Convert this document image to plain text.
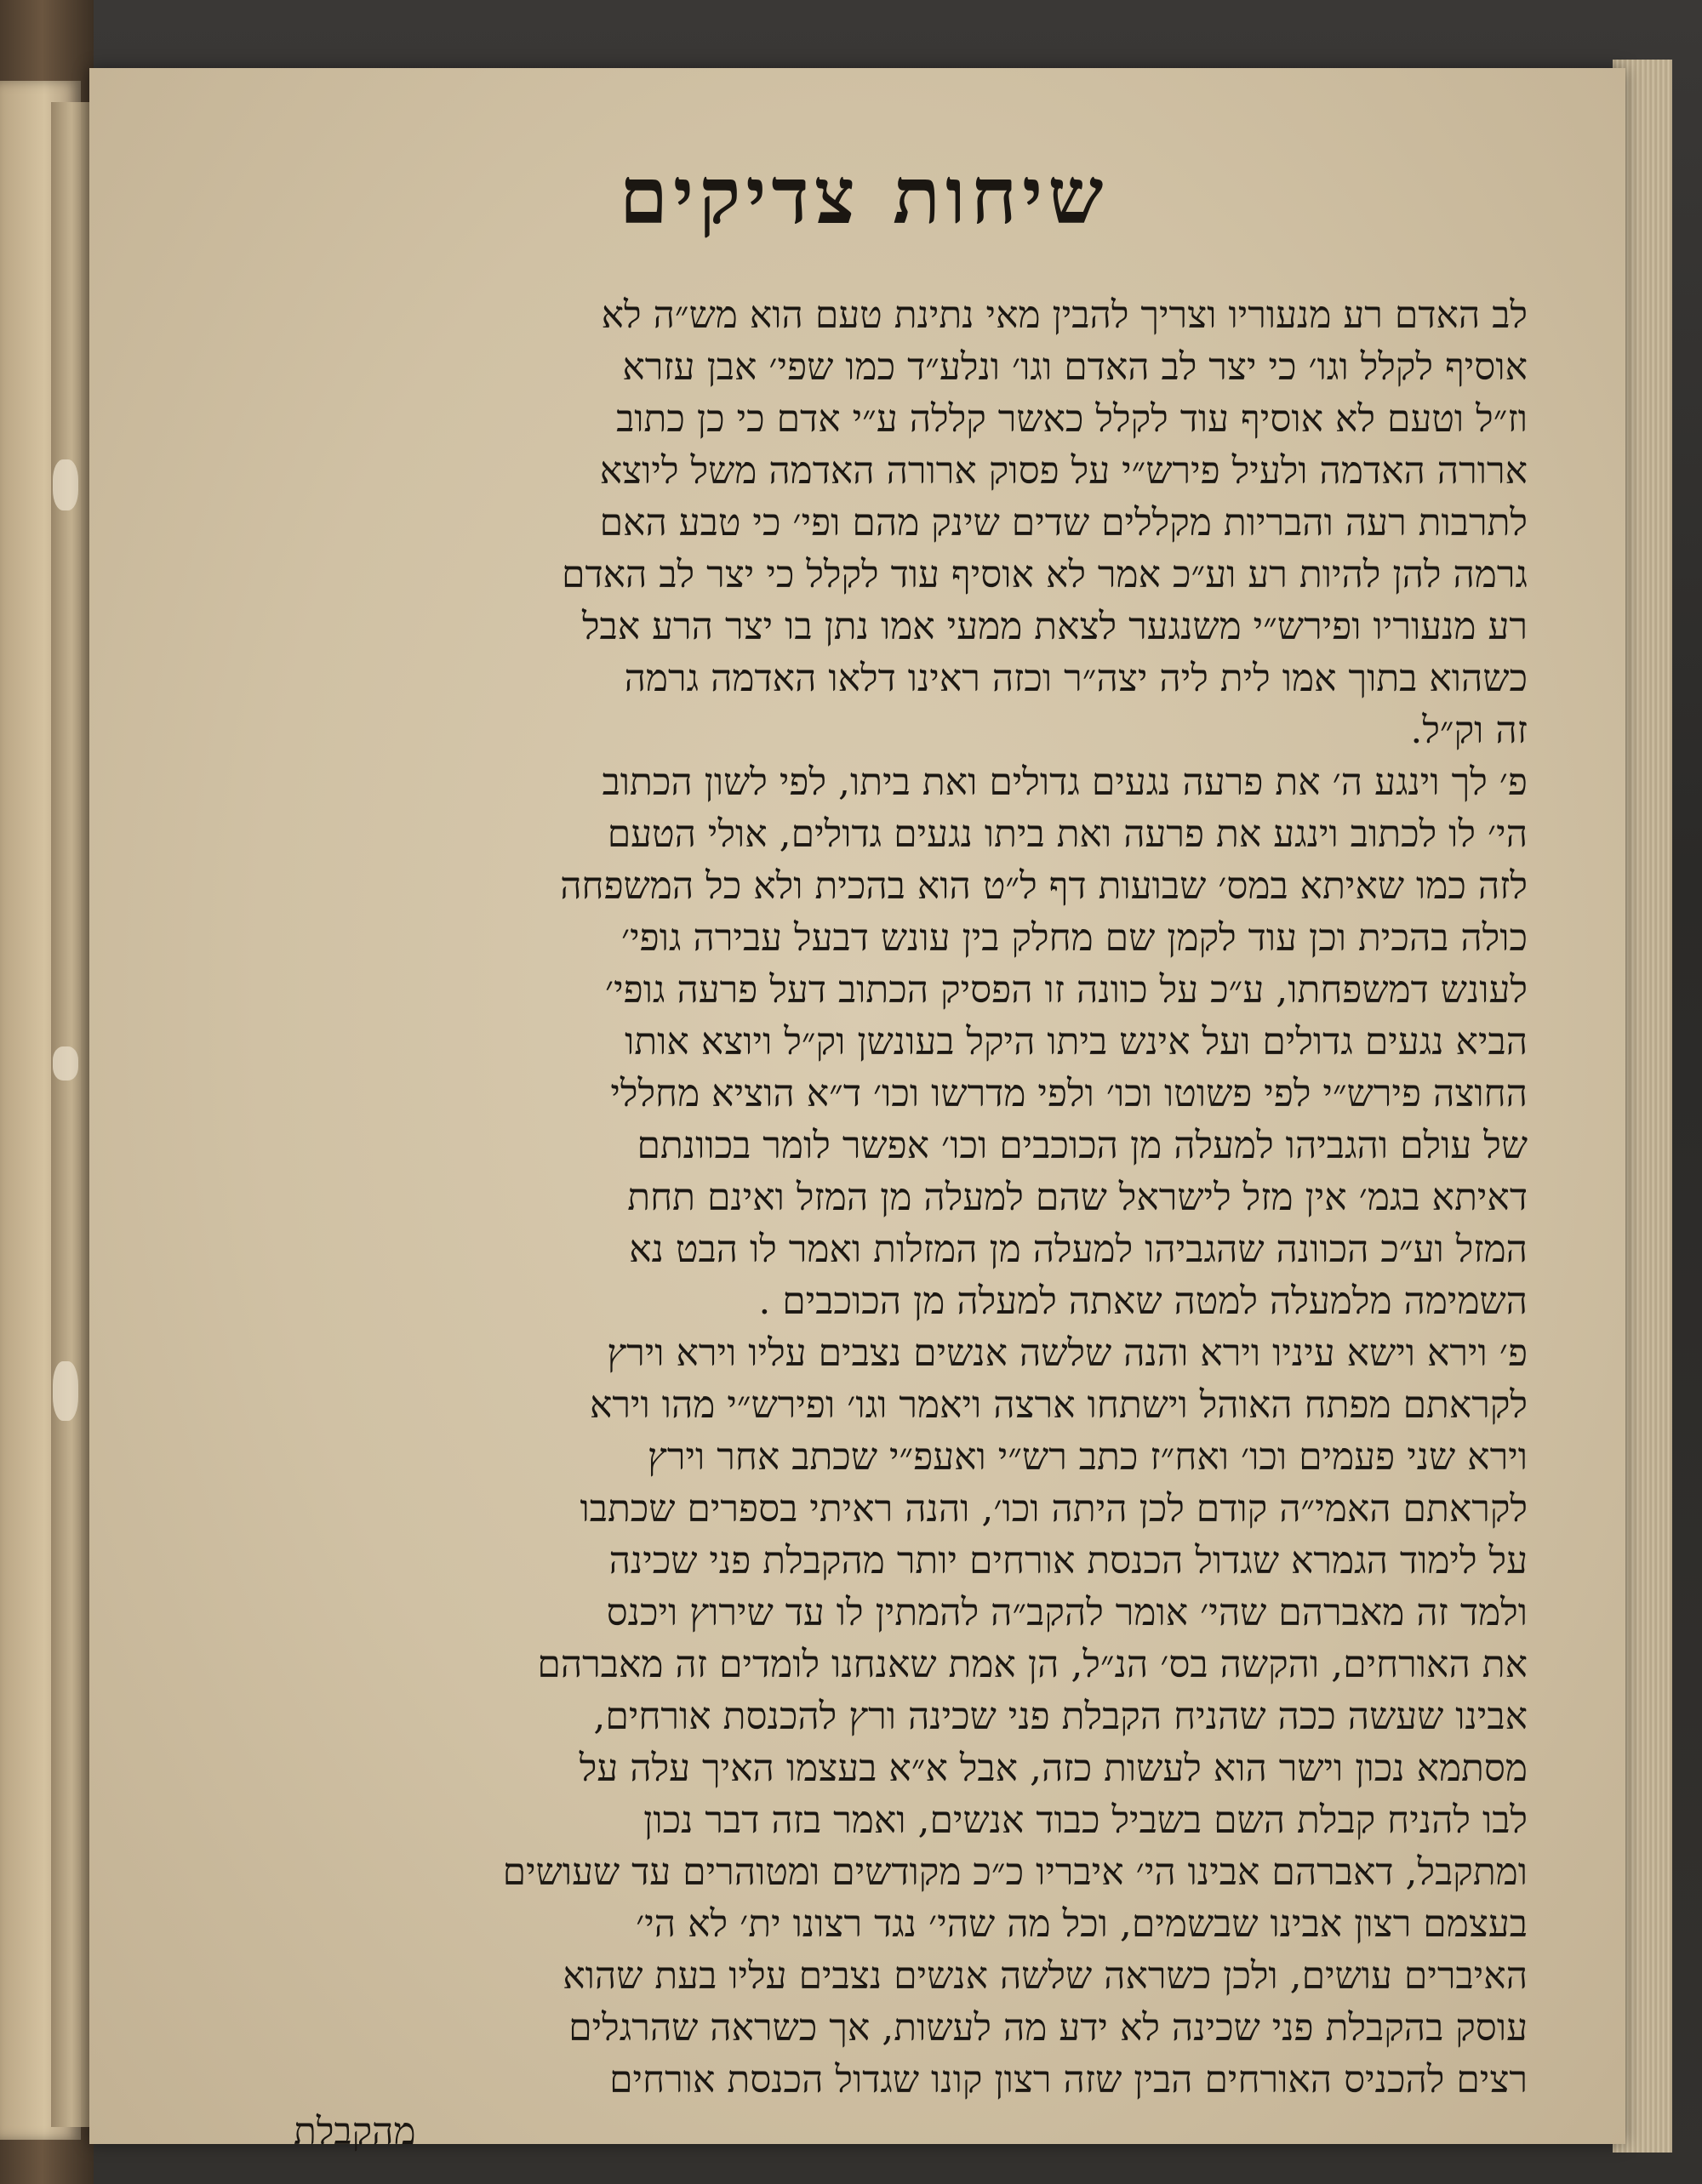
שיחות צדיקים
לב האדם רע מנעוריו וצריך להבין מאי נתינת טעם הוא מש״ה לא
אוסיף לקלל וגו׳ כי יצר לב האדם וגו׳ ונלע״ד כמו שפי׳ אבן עזרא
וז״ל וטעם לא אוסיף עוד לקלל כאשר קללה ע״י אדם כי כן כתוב
ארורה האדמה ולעיל פירש״י על פסוק ארורה האדמה משל ליוצא
לתרבות רעה והבריות מקללים שדים שינק מהם ופי׳ כי טבע האם
גרמה להן להיות רע וע״כ אמר לא אוסיף עוד לקלל כי יצר לב האדם
רע מנעוריו ופירש״י משנגער לצאת ממעי אמו נתן בו יצר הרע אבל
כשהוא בתוך אמו לית ליה יצה״ר וכזה ראינו דלאו האדמה גרמה
זה וק״ל.
פ׳ לך וינגע ה׳ את פרעה נגעים גדולים ואת ביתו, לפי לשון הכתוב
הי׳ לו לכתוב וינגע את פרעה ואת ביתו נגעים גדולים, אולי הטעם
לזה כמו שאיתא במס׳ שבועות דף ל״ט הוא בהכית ולא כל המשפחה
כולה בהכית וכן עוד לקמן שם מחלק בין עונש דבעל עבירה גופי׳
לעונש דמשפחתו, ע״כ על כוונה זו הפסיק הכתוב דעל פרעה גופי׳
הביא נגעים גדולים ועל אינש ביתו היקל בעונשן וק״ל ויוצא אותו
החוצה פירש״י לפי פשוטו וכו׳ ולפי מדרשו וכו׳ ד״א הוציא מחללי
של עולם והגביהו למעלה מן הכוכבים וכו׳ אפשר לומר בכוונתם
דאיתא בגמ׳ אין מזל לישראל שהם למעלה מן המזל ואינם תחת
המזל וע״כ הכוונה שהגביהו למעלה מן המזלות ואמר לו הבט נא
השמימה מלמעלה למטה שאתה למעלה מן הכוכבים .
פ׳ וירא וישא עיניו וירא והנה שלשה אנשים נצבים עליו וירא וירץ
לקראתם מפתח האוהל וישתחו ארצה ויאמר וגו׳ ופירש״י מהו וירא
וירא שני פעמים וכו׳ ואח״ז כתב רש״י ואעפ״י שכתב אחר וירץ
לקראתם האמי״ה קודם לכן היתה וכו׳, והנה ראיתי בספרים שכתבו
על לימוד הגמרא שגדול הכנסת אורחים יותר מהקבלת פני שכינה
ולמד זה מאברהם שהי׳ אומר להקב״ה להמתין לו עד שירוץ ויכנס
את האורחים, והקשה בס׳ הנ״ל, הן אמת שאנחנו לומדים זה מאברהם
אבינו שעשה ככה שהניח הקבלת פני שכינה ורץ להכנסת אורחים,
מסתמא נכון וישר הוא לעשות כזה, אבל א״א בעצמו האיך עלה על
לבו להניח קבלת השם בשביל כבוד אנשים, ואמר בזה דבר נכון
ומתקבל, דאברהם אבינו הי׳ איבריו כ״כ מקודשים ומטוהרים עד שעושים
בעצמם רצון אבינו שבשמים, וכל מה שהי׳ נגד רצונו ית׳ לא הי׳
האיברים עושים, ולכן כשראה שלשה אנשים נצבים עליו בעת שהוא
עוסק בהקבלת פני שכינה לא ידע מה לעשות, אך כשראה שהרגלים
רצים להכניס האורחים הבין שזה רצון קונו שגדול הכנסת אורחים
מהקבלת
